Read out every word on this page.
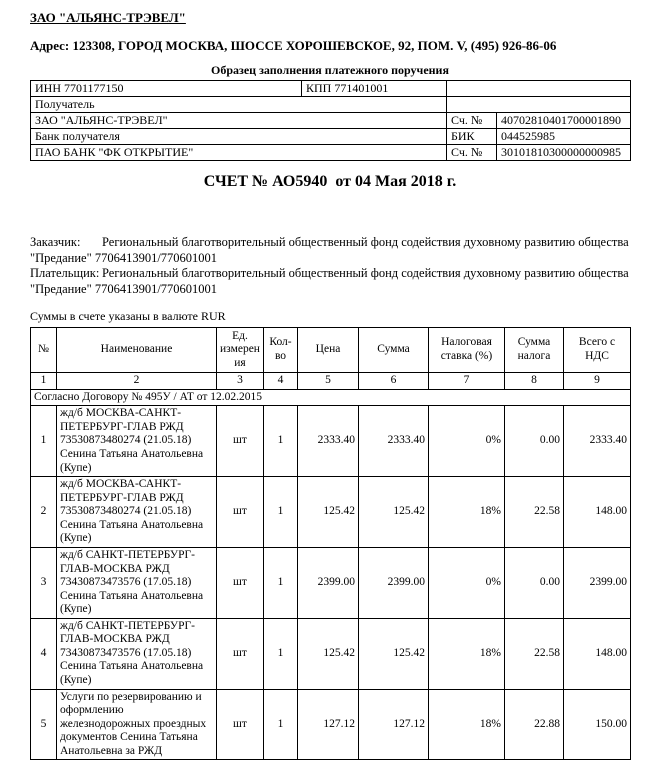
ЗАО "АЛЬЯНС-ТРЭВЕЛ"
Адрес: 123308, ГОРОД МОСКВА, ШОССЕ ХОРОШЕВСКОЕ, 92, ПОМ. V, (495) 926-86-06
Образец заполнения платежного поручения
ИНН 7701177150	КПП 771401001		
Получатель			
ЗАО "АЛЬЯНС-ТРЭВЕЛ"		Сч. №	40702810401700001890
Банк получателя		БИК	044525985
ПАО БАНК "ФК ОТКРЫТИЕ"		Сч. №	30101810300000000985
СЧЕТ № АО5940  от 04 Мая 2018 г.
Заказчик: Региональный благотворительный общественный фонд содействия духовному развитию общества "Предание" 7706413901/770601001
Плательщик: Региональный благотворительный общественный фонд содействия духовному развитию общества "Предание" 7706413901/770601001
Суммы в счете указаны в валюте RUR
№	Наименование	Ед. измерения	Кол-во	Цена	Сумма	Налоговая ставка (%)	Сумма налога	Всего с НДС
1	2	3	4	5	6	7	8	9
Согласно Договору № 495У / АТ от 12.02.2015								
1	жд/б МОСКВА-САНКТ-ПЕТЕРБУРГ-ГЛАВ РЖД 73530873480274 (21.05.18) Сенина Татьяна Анатольевна (Купе)	шт	1	2333.40	2333.40	0%	0.00	2333.40
2	жд/б МОСКВА-САНКТ-ПЕТЕРБУРГ-ГЛАВ РЖД 73530873480274 (21.05.18) Сенина Татьяна Анатольевна (Купе)	шт	1	125.42	125.42	18%	22.58	148.00
3	жд/б САНКТ-ПЕТЕРБУРГ-ГЛАВ-МОСКВА РЖД 73430873473576 (17.05.18) Сенина Татьяна Анатольевна (Купе)	шт	1	2399.00	2399.00	0%	0.00	2399.00
4	жд/б САНКТ-ПЕТЕРБУРГ-ГЛАВ-МОСКВА РЖД 73430873473576 (17.05.18) Сенина Татьяна Анатольевна (Купе)	шт	1	125.42	125.42	18%	22.58	148.00
5	Услуги по резервированию и оформлению железнодорожных проездных документов Сенина Татьяна Анатольевна за РЖД	шт	1	127.12	127.12	18%	22.88	150.00
